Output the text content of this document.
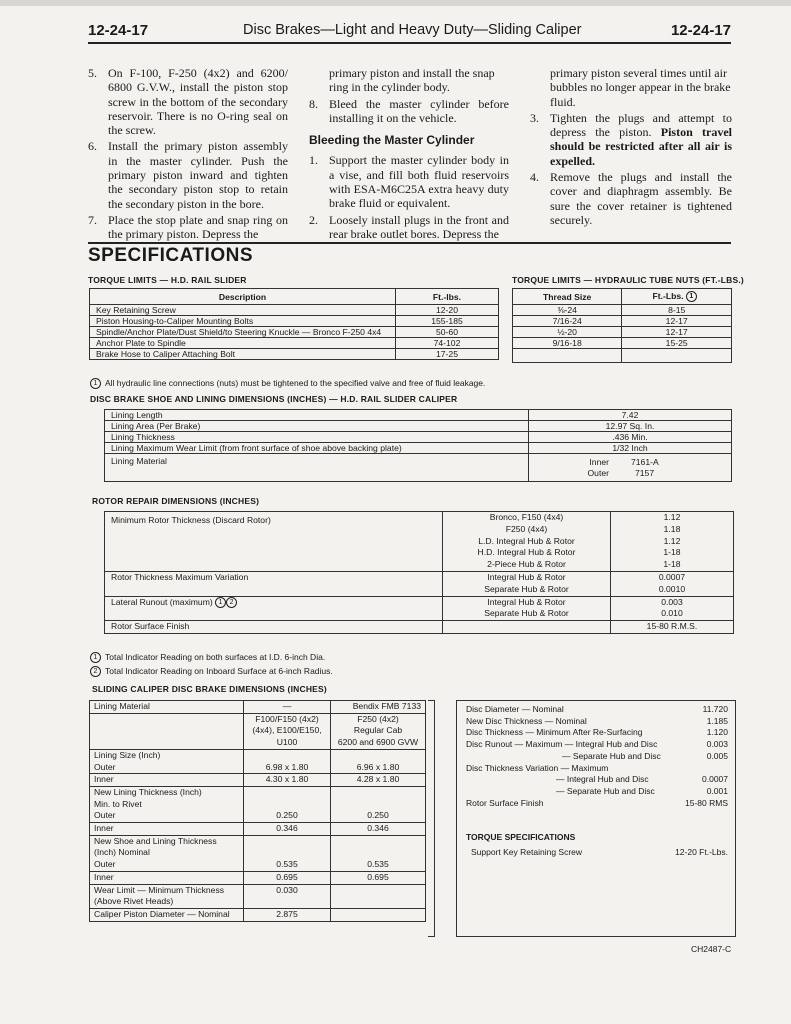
12-24-17	Disc Brakes—Light and Heavy Duty—Sliding Caliper	12-24-17
5. On F-100, F-250 (4x2) and 6200/ 6800 G.V.W., install the piston stop screw in the bottom of the secondary reservoir. There is no O-ring seal on the screw.
6. Install the primary piston assembly in the master cylinder. Push the primary piston inward and tighten the secondary piston stop to retain the secondary piston in the bore.
7. Place the stop plate and snap ring on the primary piston. Depress the
primary piston and install the snap ring in the cylinder body.
8. Bleed the master cylinder before installing it on the vehicle.
Bleeding the Master Cylinder
1. Support the master cylinder body in a vise, and fill both fluid reservoirs with ESA-M6C25A extra heavy duty brake fluid or equivalent.
2. Loosely install plugs in the front and rear brake outlet bores. Depress the
primary piston several times until air bubbles no longer appear in the brake fluid.
3. Tighten the plugs and attempt to depress the piston. Piston travel should be restricted after all air is expelled.
4. Remove the plugs and install the cover and diaphragm assembly. Be sure the cover retainer is tightened securely.
SPECIFICATIONS
TORQUE LIMITS — H.D. RAIL SLIDER
Description	Ft.-lbs.
Key Retaining Screw	12-20
Piston Housing-to-Caliper Mounting Bolts	155-185
Spindle/Anchor Plate/Dust Shield/to Steering Knuckle — Bronco F-250 4x4	50-60
Anchor Plate to Spindle	74-102
Brake Hose to Caliper Attaching Bolt	17-25
TORQUE LIMITS — HYDRAULIC TUBE NUTS (FT.-LBS.)
Thread Size	Ft.-Lbs. 1
⅜-24	8-15
7/16-24	12-17
½-20	12-17
9/16-18	15-25

1 All hydraulic line connections (nuts) must be tightened to the specified valve and free of fluid leakage.
DISC BRAKE SHOE AND LINING DIMENSIONS (INCHES) — H.D. RAIL SLIDER CALIPER
Lining Length	7.42
Lining Area (Per Brake)	12.97 Sq. In.
Lining Thickness	.436 Min.
Lining Maximum Wear Limit (from front surface of shoe above backing plate)	1/32 Inch
Lining Material	Inner 7161-A
Outer 7157
ROTOR REPAIR DIMENSIONS (INCHES)
Minimum Rotor Thickness (Discard Rotor)	Bronco, F150 (4x4)	1.12
	F250 (4x4)	1.18
	L.D. Integral Hub & Rotor	1.12
	H.D. Integral Hub & Rotor	1-18
	2-Piece Hub & Rotor	1-18
Rotor Thickness Maximum Variation	Integral Hub & Rotor	0.0007
	Separate Hub & Rotor	0.0010
Lateral Runout (maximum) 1 2	Integral Hub & Rotor	0.003
	Separate Hub & Rotor	0.010
Rotor Surface Finish		15-80 R.M.S.
1 Total Indicator Reading on both surfaces at I.D. 6-inch Dia.
2 Total Indicator Reading on Inboard Surface at 6-inch Radius.
SLIDING CALIPER DISC BRAKE DIMENSIONS (INCHES)
Lining Material	—	Bendix FMB 7133
	F100/F150 (4x2)	F250 (4x2)
	(4x4), E100/E150,	Regular Cab
	U100	6200 and 6900 GVW
Lining Size (Inch)		
Outer	6.98 x 1.80	6.96 x 1.80
Inner	4.30 x 1.80	4.28 x 1.80
New Lining Thickness (Inch)		
Min. to Rivet		
Outer	0.250	0.250
Inner	0.346	0.346
New Shoe and Lining Thickness		
(Inch) Nominal		
Outer	0.535	0.535
Inner	0.695	0.695
Wear Limit — Minimum Thickness	0.030	
(Above Rivet Heads)		
Caliper Piston Diameter — Nominal	2.875	
Disc Diameter — Nominal	11.720
New Disc Thickness — Nominal	1.185
Disc Thickness — Minimum After Re-Surfacing	1.120
Disc Runout — Maximum — Integral Hub and Disc	0.003
— Separate Hub and Disc	0.005
Disc Thickness Variation — Maximum
— Integral Hub and Disc	0.0007
— Separate Hub and Disc	0.001
Rotor Surface Finish	15-80 RMS
TORQUE SPECIFICATIONS
Support Key Retaining Screw	12-20 Ft.-Lbs.
CH2487-C
